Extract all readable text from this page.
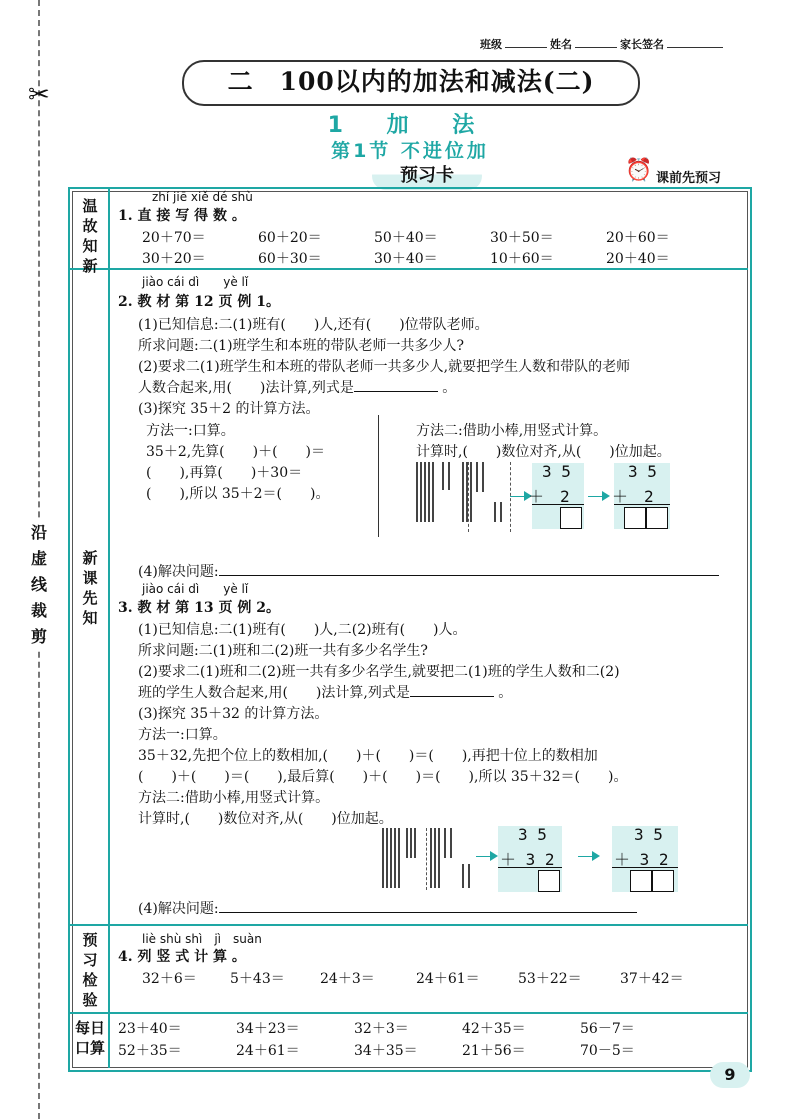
✂
沿虚线裁剪
班级	姓名	家长签名
二　100以内的加法和减法(二)
1 加 法
第1节 不进位加
预习卡	⏰ 课前先预习
温故知新
新课先知
预习检验
每日口算
zhí jiē xiě dé shù
1. 直 接 写 得 数 。
20＋70＝	60＋20＝	50＋40＝	30＋50＝	20＋60＝
30＋20＝	60＋30＝	30＋40＝	10＋60＝	20＋40＝
jiào cái dì　　yè lǐ
2. 教 材 第 12 页 例 1。
(1)已知信息:二(1)班有(　　)人,还有(　　)位带队老师。
所求问题:二(1)班学生和本班的带队老师一共多少人?
(2)要求二(1)班学生和本班的带队老师一共多少人,就要把学生人数和带队的老师
人数合起来,用(　　)法计算,列式是	。
(3)探究 35＋2 的计算方法。
方法一:口算。
35＋2,先算(　　)＋(　　)＝
(　　),再算(　　)＋30＝
(　　),所以 35＋2＝(　　)。
方法二:借助小棒,用竖式计算。
计算时,(　　)数位对齐,从(　　)位加起。
3 5
＋　2
3 5
＋　2
(4)解决问题:
jiào cái dì　　yè lǐ
3. 教 材 第 13 页 例 2。
(1)已知信息:二(1)班有(　　)人,二(2)班有(　　)人。
所求问题:二(1)班和二(2)班一共有多少名学生?
(2)要求二(1)班和二(2)班一共有多少名学生,就要把二(1)班的学生人数和二(2)
班的学生人数合起来,用(　　)法计算,列式是	。
(3)探究 35＋32 的计算方法。
方法一:口算。
35＋32,先把个位上的数相加,(　　)＋(　　)＝(　　),再把十位上的数相加
(　　)＋(　　)＝(　　),最后算(　　)＋(　　)＝(　　),所以 35＋32＝(　　)。
方法二:借助小棒,用竖式计算。
计算时,(　　)数位对齐,从(　　)位加起。
3 5
＋ 3 2
3 5
＋ 3 2
(4)解决问题:
liè shù shì　jì　suàn
4. 列 竖 式 计 算 。
32＋6＝ 5＋43＝	24＋3＝	24＋61＝	53＋22＝	37＋42＝
23＋40＝	34＋23＝	32＋3＝	42＋35＝	56－7＝
52＋35＝	24＋61＝	34＋35＝	21＋56＝	70－5＝
9
